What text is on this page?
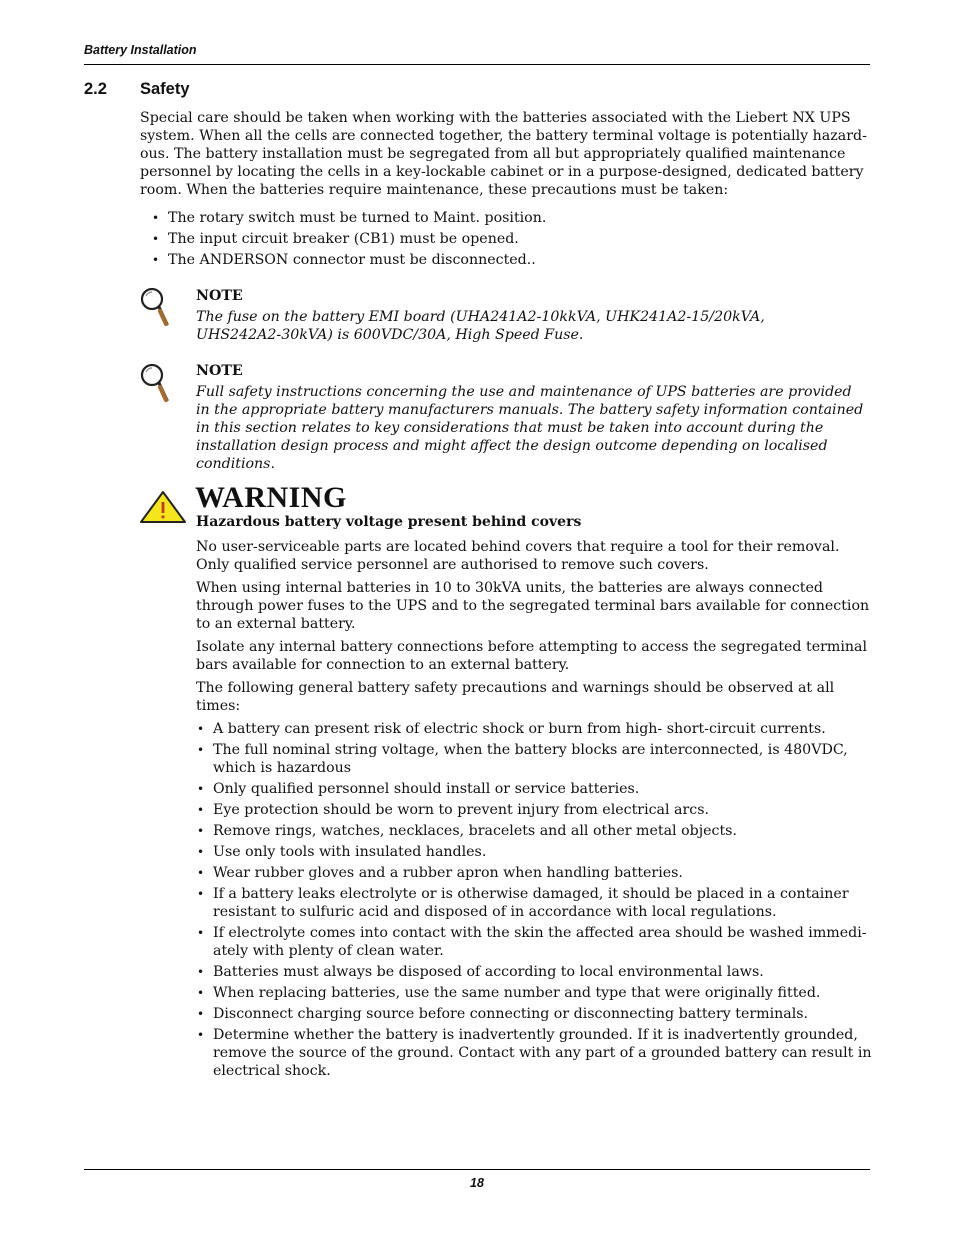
Battery Installation
2.2 Safety

Special care should be taken when working with the batteries associated with the Liebert NX UPS system. When all the cells are connected together, the battery terminal voltage is potentially hazard-ous. The battery installation must be segregated from all but appropriately qualified maintenance personnel by locating the cells in a key-lockable cabinet or in a purpose-designed, dedicated battery room. When the batteries require maintenance, these precautions must be taken:

• The rotary switch must be turned to Maint. position.
• The input circuit breaker (CB1) must be opened.
• The ANDERSON connector must be disconnected..
NOTE

The fuse on the battery EMI board (UHA241A2-10kkVA, UHK241A2-15/20kVA, UHS242A2-30kVA) is 600VDC/30A, High Speed Fuse.

NOTE

Full safety instructions concerning the use and maintenance of UPS batteries are provided in the appropriate battery manufacturers manuals. The battery safety information contained in this section relates to key considerations that must be taken into account during the installation design process and might affect the design outcome depending on localised conditions.

WARNING
Hazardous battery voltage present behind covers

No user-serviceable parts are located behind covers that require a tool for their removal. Only qualified service personnel are authorised to remove such covers.

When using internal batteries in 10 to 30kVA units, the batteries are always connected through power fuses to the UPS and to the segregated terminal bars available for connection to an external battery.

Isolate any internal battery connections before attempting to access the segregated terminal bars available for connection to an external battery.

The following general battery safety precautions and warnings should be observed at all times:

• A battery can present risk of electric shock or burn from high- short-circuit currents.
• The full nominal string voltage, when the battery blocks are interconnected, is 480VDC, which is hazardous
• Only qualified personnel should install or service batteries.
• Eye protection should be worn to prevent injury from electrical arcs.
• Remove rings, watches, necklaces, bracelets and all other metal objects.
• Use only tools with insulated handles.
• Wear rubber gloves and a rubber apron when handling batteries.
• If a battery leaks electrolyte or is otherwise damaged, it should be placed in a container resistant to sulfuric acid and disposed of in accordance with local regulations.
• If electrolyte comes into contact with the skin the affected area should be washed immedi-ately with plenty of clean water.
• Batteries must always be disposed of according to local environmental laws.
• When replacing batteries, use the same number and type that were originally fitted.
• Disconnect charging source before connecting or disconnecting battery terminals.
• Determine whether the battery is inadvertently grounded. If it is inadvertently grounded, remove the source of the ground. Contact with any part of a grounded battery can result in electrical shock.
18
